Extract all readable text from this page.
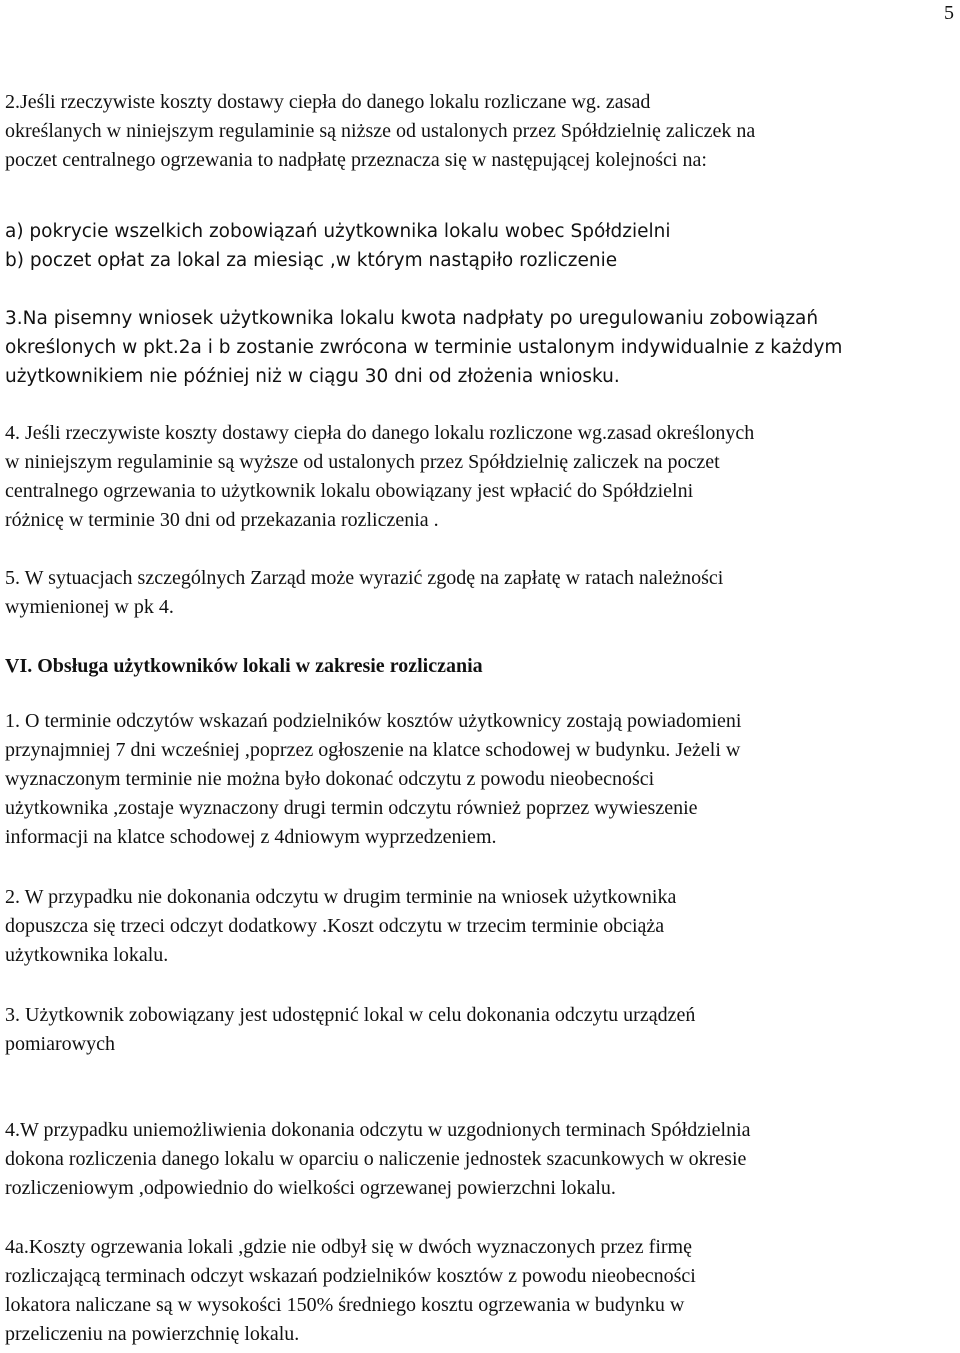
5
2.Jeśli rzeczywiste koszty dostawy ciepła do danego lokalu rozliczane wg. zasad
określanych w niniejszym regulaminie są niższe od ustalonych przez Spółdzielnię zaliczek na
poczet centralnego ogrzewania to nadpłatę przeznacza się w następującej kolejności na:
a) pokrycie wszelkich zobowiązań użytkownika lokalu wobec Spółdzielni
b) poczet opłat za lokal za miesiąc ,w którym nastąpiło rozliczenie
3.Na pisemny wniosek użytkownika lokalu kwota nadpłaty po uregulowaniu zobowiązań
określonych w pkt.2a i b zostanie zwrócona w terminie ustalonym indywidualnie z każdym
użytkownikiem nie później niż w ciągu 30 dni od złożenia wniosku.
4. Jeśli rzeczywiste koszty dostawy ciepła do danego lokalu rozliczone wg.zasad określonych
w niniejszym regulaminie są wyższe od ustalonych przez Spółdzielnię zaliczek na poczet
centralnego ogrzewania to użytkownik lokalu obowiązany jest wpłacić do Spółdzielni
różnicę w terminie 30 dni od przekazania rozliczenia .
5. W sytuacjach szczególnych Zarząd może wyrazić zgodę na zapłatę w ratach należności
wymienionej w pk 4.
VI. Obsługa użytkowników lokali w zakresie rozliczania
1. O terminie odczytów wskazań podzielników kosztów użytkownicy zostają powiadomieni
przynajmniej 7 dni wcześniej ,poprzez ogłoszenie na klatce schodowej w budynku. Jeżeli w
wyznaczonym terminie nie można było dokonać odczytu z powodu nieobecności
użytkownika ,zostaje wyznaczony drugi termin odczytu również poprzez wywieszenie
informacji na klatce schodowej z 4dniowym wyprzedzeniem.
2. W przypadku nie dokonania odczytu w drugim terminie na wniosek użytkownika
dopuszcza się trzeci odczyt dodatkowy .Koszt odczytu w trzecim terminie obciąża
użytkownika lokalu.
3. Użytkownik zobowiązany jest udostępnić lokal w celu dokonania odczytu urządzeń
pomiarowych
4.W przypadku uniemożliwienia dokonania odczytu w uzgodnionych terminach Spółdzielnia
dokona rozliczenia danego lokalu w oparciu o naliczenie jednostek szacunkowych w okresie
rozliczeniowym ,odpowiednio do wielkości ogrzewanej powierzchni lokalu.
4a.Koszty ogrzewania lokali ,gdzie nie odbył się w dwóch wyznaczonych przez firmę
rozliczającą terminach odczyt wskazań podzielników kosztów z powodu nieobecności
lokatora naliczane są w wysokości 150% średniego kosztu ogrzewania w budynku w
przeliczeniu na powierzchnię lokalu.
